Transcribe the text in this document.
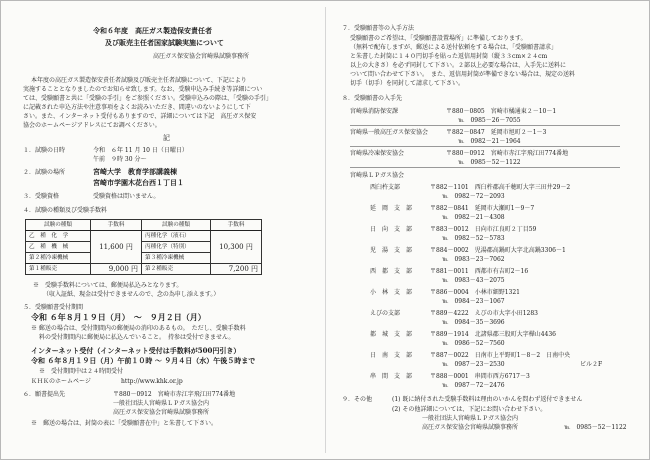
令和６年度　高圧ガス製造保安責任者
及び販売主任者国家試験実施について
高圧ガス保安協会宮崎県試験事務所
本年度の高圧ガス製造保安責任者試験及び販売主任者試験について、下記により
実施することとなりましたのでお知らせ致します。なお、受験申込み手続き等詳細につい
ては、受験願書と共に「受験の手引」をご参照ください。受験申込みの際は、「受験の手引」
に記載された申込方法や注意事項をよくお読みいただき、間違いのないようにして下
さい。また、インターネット受付もありますので、詳細については下記　高圧ガス保安
協会のホームページアドレスにてお調べください。
記
１．試験の日時	令和 ６年 11 月 10 日（日曜日）
午前 ９時 30 分～
２．試験の場所	宮崎大学　教育学部講義棟
宮崎市学園木花台西１丁目１
３．受験資格	受験資格は問いません。
４．試験の種類及び受験手数料
試験の種類	手数料	試験の種類	手数料
乙　種　化　学	11,600 円	丙種化学（液石）	10,300 円
乙　種　機　械		丙種化学（特別）	
第２種冷凍機械		第３種冷凍機械	
第１種販売	9,000 円	第２種販売	7,200 円
※　受験手数料については、郵便局払込みとなります。
（収入証紙、現金は受付できませんので、念の為申し添えます。）
５．受験願書受付期間
令和 ６年８月１９日（月）　～　９月２日（月）
※ 郵送の場合は、受付期間内の郵便局の消印のあるもの。　ただし、受験手数料
料の受付期間内に郵便局に払込んでいること。　持参は受付できません。
インターネット受付（インターネット受付は手数料が500円引き）
令和 ６年８月１９日（月）午前１０時 ～ ９月４日（水）午後５時まで
※　受付期間中は２４時間受付
ＫＨＫのホームページ	http://www.khk.or.jp
６．願書提出先	〒880－0912　宮崎市赤江字飛江田774番地
一般社団法人宮崎県ＬＰガス協会内
高圧ガス保安協会宮崎県試験事務所
※　郵送の場合は、封筒の表に「受験願書在中」と朱書して下さい。
７．受験願書等の入手方法
受験願書のご希望は、「受験願書設置場所」に準備しております。
（無料で配布しますが、郵送による送付依頼をする場合は、「受験願書請求」
と朱書した封筒に１４０円切手を貼った返信用封筒（縦３３cm×２４cm
以上の大きさ）を必ず同封して下さい。２部以上必要な場合は、入手先に送料に
ついて問い合わせて下さい。　また、返信用封筒が準備できない場合は、規定の送料
切手（切手）を同封して請求して下さい。
８．受験願書の入手先
宮崎県消防保安課	〒880－0805　宮崎市橘通東２－10－1
℡　0985－26－7055
宮崎県一般高圧ガス保安協会	〒882－0847　延岡市旭町２－1－3
℡　0982－21－1964
宮崎県冷凍保安協会	〒880－0912　宮崎市赤江字飛江田774番地
℡　0985－52－1122
宮崎県ＬＰガス協会
西臼杵支部	〒882－1101　西臼杵郡高千穂町大字三田井29－2
℡　0982－72－2093
延　岡　支　部	〒882－0841　延岡市大瀬町1－9－7
℡　0982－21－4308
日　向　支　部	〒883－0012　日向市江良町２丁目59
℡　0982－52－5783
児　湯　支　部	〒884－0002　児湯郡高鍋町大字北高鍋3306－1
℡　0983－23－7062
西　都　支　部	〒881－0011　西都市有吉町2－16
℡　0983－43－2075
小　林　支　部	〒886－0004　小林市細野1321
℡　0984－23－1067
えびの支部	〒889－4222　えびの市大字小田1283
℡　0984－35－3696
都　城　支　部	〒889－1914　北諸県郡三股町大字樺山4436
℡　0986－52－7560
日　南　支　部	〒887－0022　日南市上平野町1－8－2　日南中央
℡　0987－23－2530	ビル２F
串　間　支　部	〒888－0001　串間市西方6717－3
℡　0987－72－2476
９．その他	(1) 既に納付された受験手数料は理由のいかんを問わず返付できません
(2) その他詳細については、下記にお問い合わせ下さい。
一般社団法人宮崎県ＬＰガス協会内
高圧ガス保安協会宮崎県試験事務所	℡　0985－52－1122
